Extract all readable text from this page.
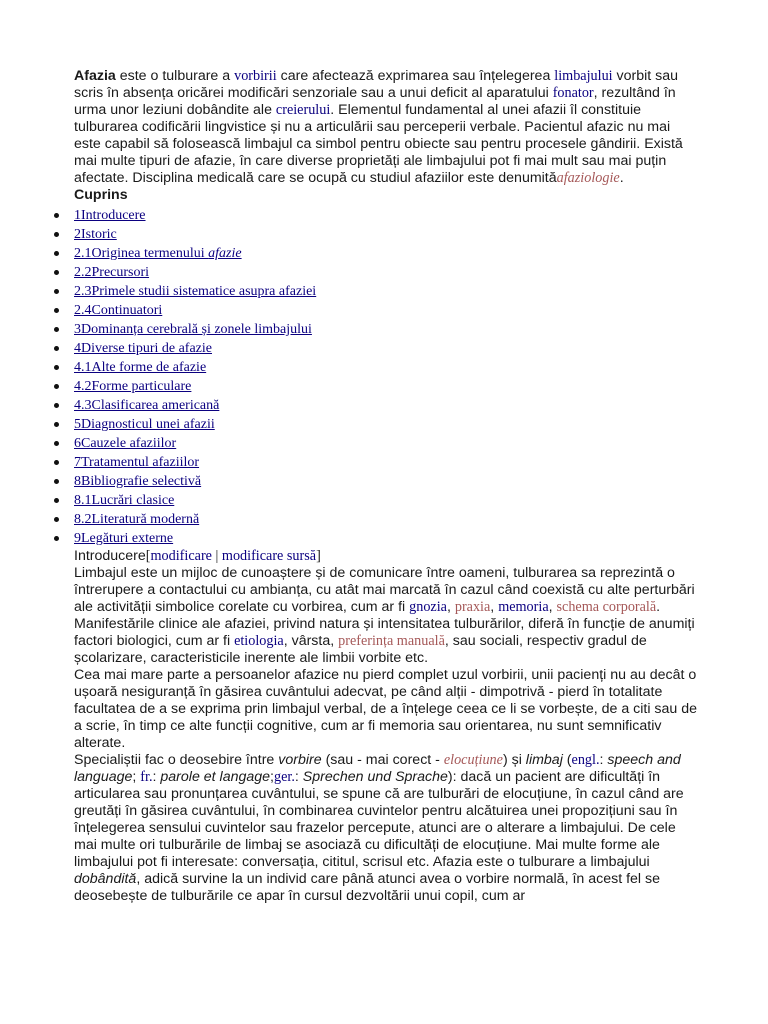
Afazia este o tulburare a vorbirii care afectează exprimarea sau înțelegerea limbajului vorbit sau scris în absența oricărei modificări senzoriale sau a unui deficit al aparatului fonator, rezultând în urma unor leziuni dobândite ale creierului. Elementul fundamental al unei afazii îl constituie tulburarea codificării lingvistice și nu a articulării sau perceperii verbale. Pacientul afazic nu mai este capabil să folosească limbajul ca simbol pentru obiecte sau pentru procesele gândirii. Există mai multe tipuri de afazie, în care diverse proprietăți ale limbajului pot fi mai mult sau mai puțin afectate. Disciplina medicală care se ocupă cu studiul afaziilor este denumităafaziologie.

Cuprins
1Introducere
2Istoric
2.1Originea termenului afazie
2.2Precursori
2.3Primele studii sistematice asupra afaziei
2.4Continuatori
3Dominanța cerebrală și zonele limbajului
4Diverse tipuri de afazie
4.1Alte forme de afazie
4.2Forme particulare
4.3Clasificarea americană
5Diagnosticul unei afazii
6Cauzele afaziilor
7Tratamentul afaziilor
8Bibliografie selectivă
8.1Lucrări clasice
8.2Literatură modernă
9Legături externe

Introducere[modificare | modificare sursă]

Limbajul este un mijloc de cunoaștere și de comunicare între oameni, tulburarea sa reprezintă o întrerupere a contactului cu ambianța, cu atât mai marcată în cazul când coexistă cu alte perturbări ale activității simbolice corelate cu vorbirea, cum ar fi gnozia, praxia, memoria, schema corporală. Manifestările clinice ale afaziei, privind natura și intensitatea tulburărilor, diferă în funcție de anumiți factori biologici, cum ar fi etiologia, vârsta, preferința manuală, sau sociali, respectiv gradul de școlarizare, caracteristicile inerente ale limbii vorbite etc.

Cea mai mare parte a persoanelor afazice nu pierd complet uzul vorbirii, unii pacienți nu au decât o ușoară nesiguranță în găsirea cuvântului adecvat, pe când alții - dimpotrivă - pierd în totalitate facultatea de a se exprima prin limbajul verbal, de a înțelege ceea ce li se vorbește, de a citi sau de a scrie, în timp ce alte funcții cognitive, cum ar fi memoria sau orientarea, nu sunt semnificativ alterate.

Specialiștii fac o deosebire între vorbire (sau - mai corect - elocuțiune) și limbaj (engl.: speech and language; fr.: parole et langage;ger.: Sprechen und Sprache): dacă un pacient are dificultăți în articularea sau pronunțarea cuvântului, se spune că are tulburări de elocuțiune, în cazul când are greutăți în găsirea cuvântului, în combinarea cuvintelor pentru alcătuirea unei propozițiuni sau în înțelegerea sensului cuvintelor sau frazelor percepute, atunci are o alterare a limbajului. De cele mai multe ori tulburările de limbaj se asociază cu dificultăți de elocuțiune. Mai multe forme ale limbajului pot fi interesate: conversația, cititul, scrisul etc. Afazia este o tulburare a limbajului dobândită, adică survine la un individ care până atunci avea o vorbire normală, în acest fel se deosebește de tulburările ce apar în cursul dezvoltării unui copil, cum ar
